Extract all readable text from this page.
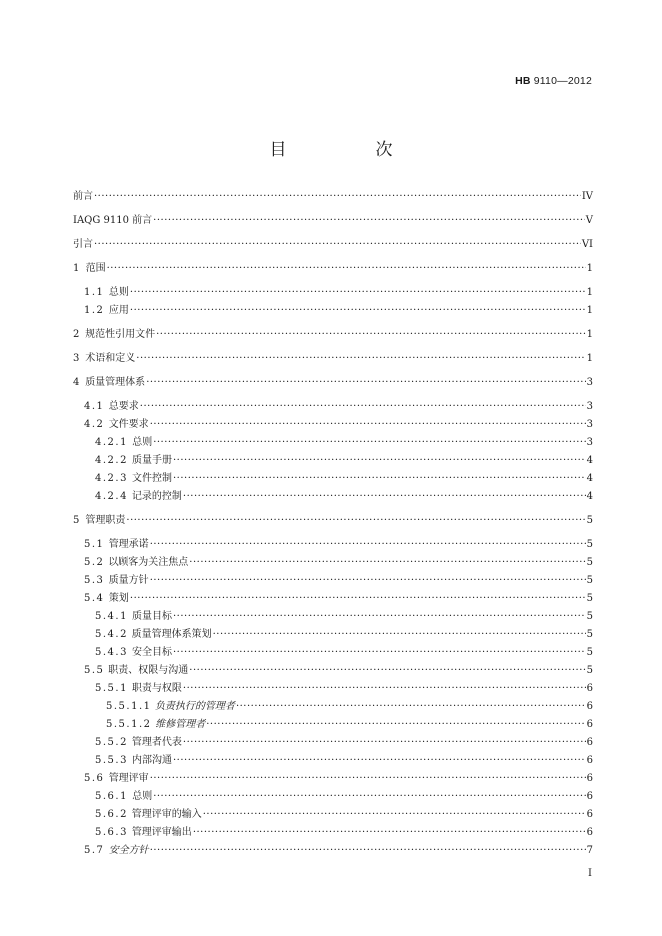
HB 9110—2012
目　次
前言 ·····	IV
IAQG 9110 前言 ·····	V
引言 ·····	VI
1 范围 ·····	1
1.1 总则 ·····	1
1.2 应用 ·····	1
2 规范性引用文件 ·····	1
3 术语和定义 ·····	1
4 质量管理体系 ·····	3
4.1 总要求 ·····	3
4.2 文件要求 ·····	3
4.2.1 总则 ·····	3
4.2.2 质量手册 ·····	4
4.2.3 文件控制 ·····	4
4.2.4 记录的控制 ·····	4
5 管理职责 ·····	5
5.1 管理承诺 ·····	5
5.2 以顾客为关注焦点 ·····	5
5.3 质量方针 ·····	5
5.4 策划 ·····	5
5.4.1 质量目标 ·····	5
5.4.2 质量管理体系策划 ·····	5
5.4.3 安全目标 ·····	5
5.5 职责、权限与沟通 ·····	5
5.5.1 职责与权限 ·····	6
5.5.1.1 负责执行的管理者 ·····	6
5.5.1.2 维修管理者 ·····	6
5.5.2 管理者代表 ·····	6
5.5.3 内部沟通 ·····	6
5.6 管理评审 ·····	6
5.6.1 总则 ·····	6
5.6.2 管理评审的输入 ·····	6
5.6.3 管理评审输出 ·····	6
5.7 安全方针 ·····	7
I
